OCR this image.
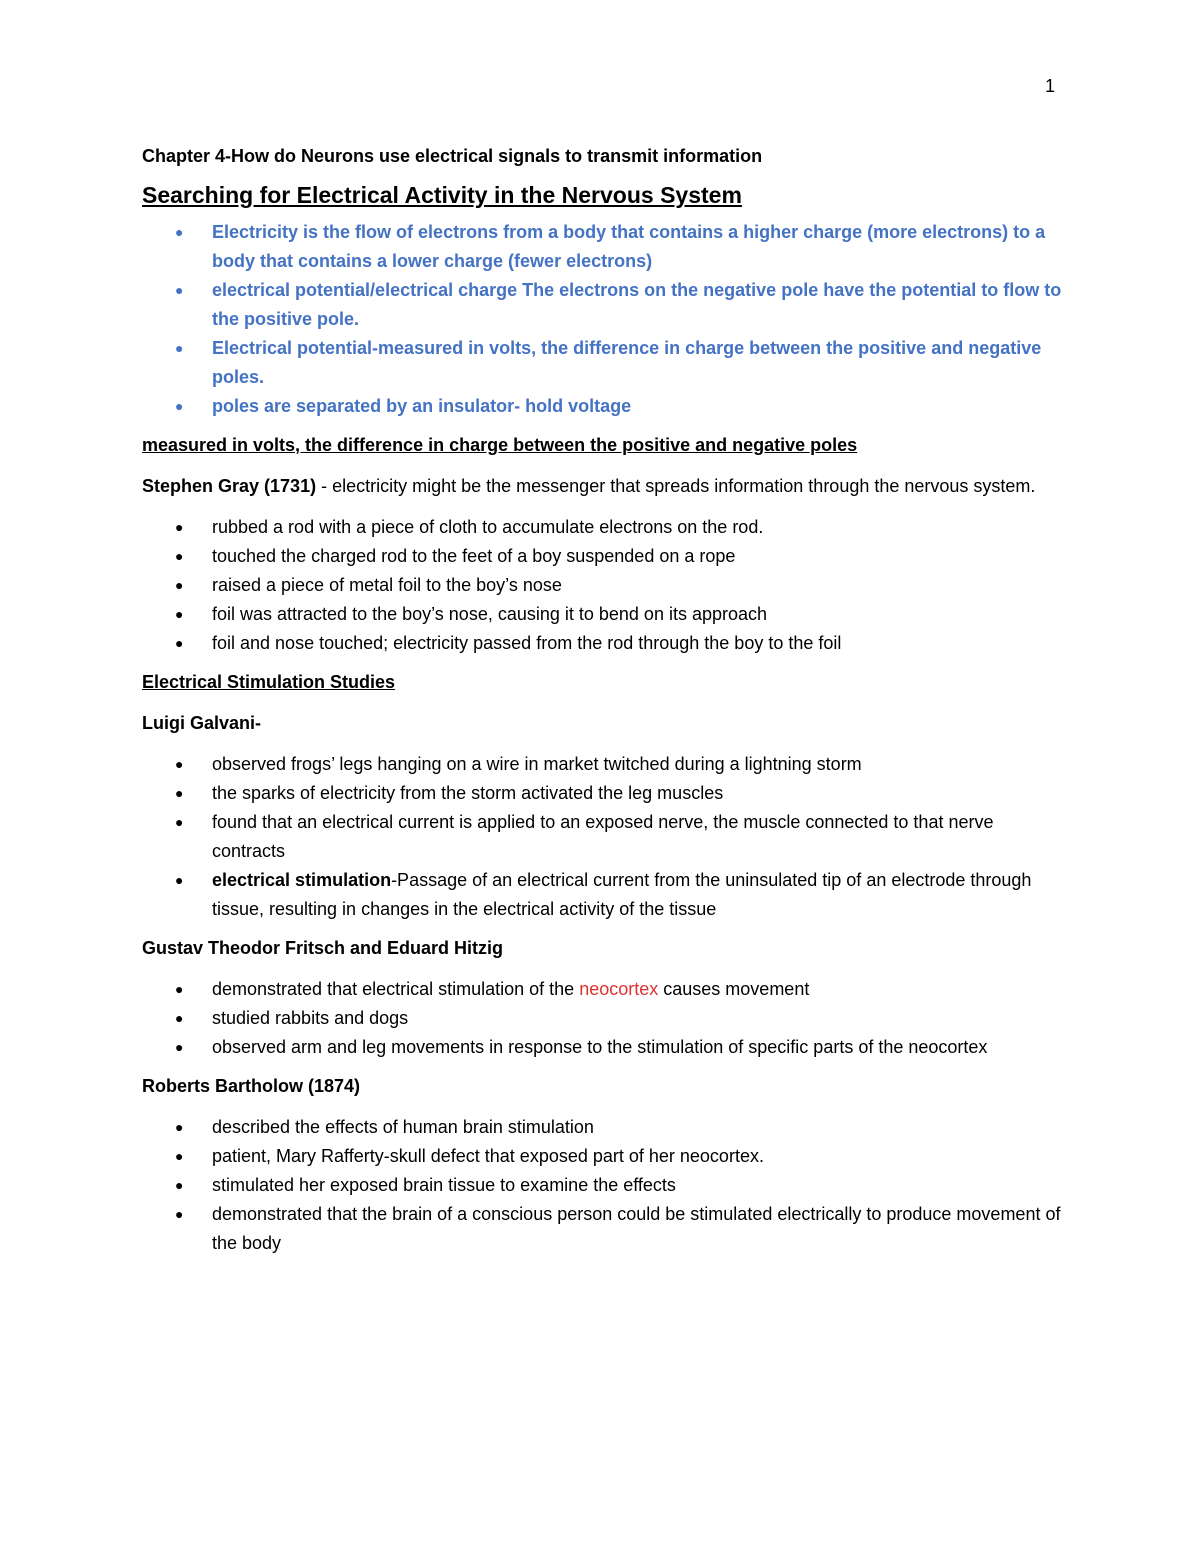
1

Chapter 4-How do Neurons use electrical signals to transmit information

Searching for Electrical Activity in the Nervous System
● Electricity is the flow of electrons from a body that contains a higher charge (more electrons) to a body that contains a lower charge (fewer electrons)
● electrical potential/electrical charge The electrons on the negative pole have the potential to flow to the positive pole.
● Electrical potential-measured in volts, the difference in charge between the positive and negative poles.
● poles are separated by an insulator- hold voltage

measured in volts, the difference in charge between the positive and negative poles

Stephen Gray (1731) - electricity might be the messenger that spreads information through the nervous system.

● rubbed a rod with a piece of cloth to accumulate electrons on the rod.
● touched the charged rod to the feet of a boy suspended on a rope
● raised a piece of metal foil to the boy’s nose
● foil was attracted to the boy’s nose, causing it to bend on its approach
● foil and nose touched; electricity passed from the rod through the boy to the foil

Electrical Stimulation Studies

Luigi Galvani-

● observed frogs’ legs hanging on a wire in market twitched during a lightning storm
● the sparks of electricity from the storm activated the leg muscles
● found that an electrical current is applied to an exposed nerve, the muscle connected to that nerve contracts
● electrical stimulation-Passage of an electrical current from the uninsulated tip of an electrode through tissue, resulting in changes in the electrical activity of the tissue

Gustav Theodor Fritsch and Eduard Hitzig

● demonstrated that electrical stimulation of the neocortex causes movement
● studied rabbits and dogs
● observed arm and leg movements in response to the stimulation of specific parts of the neocortex

Roberts Bartholow (1874)

● described the effects of human brain stimulation
● patient, Mary Rafferty-skull defect that exposed part of her neocortex.
● stimulated her exposed brain tissue to examine the effects
● demonstrated that the brain of a conscious person could be stimulated electrically to produce movement of the body
